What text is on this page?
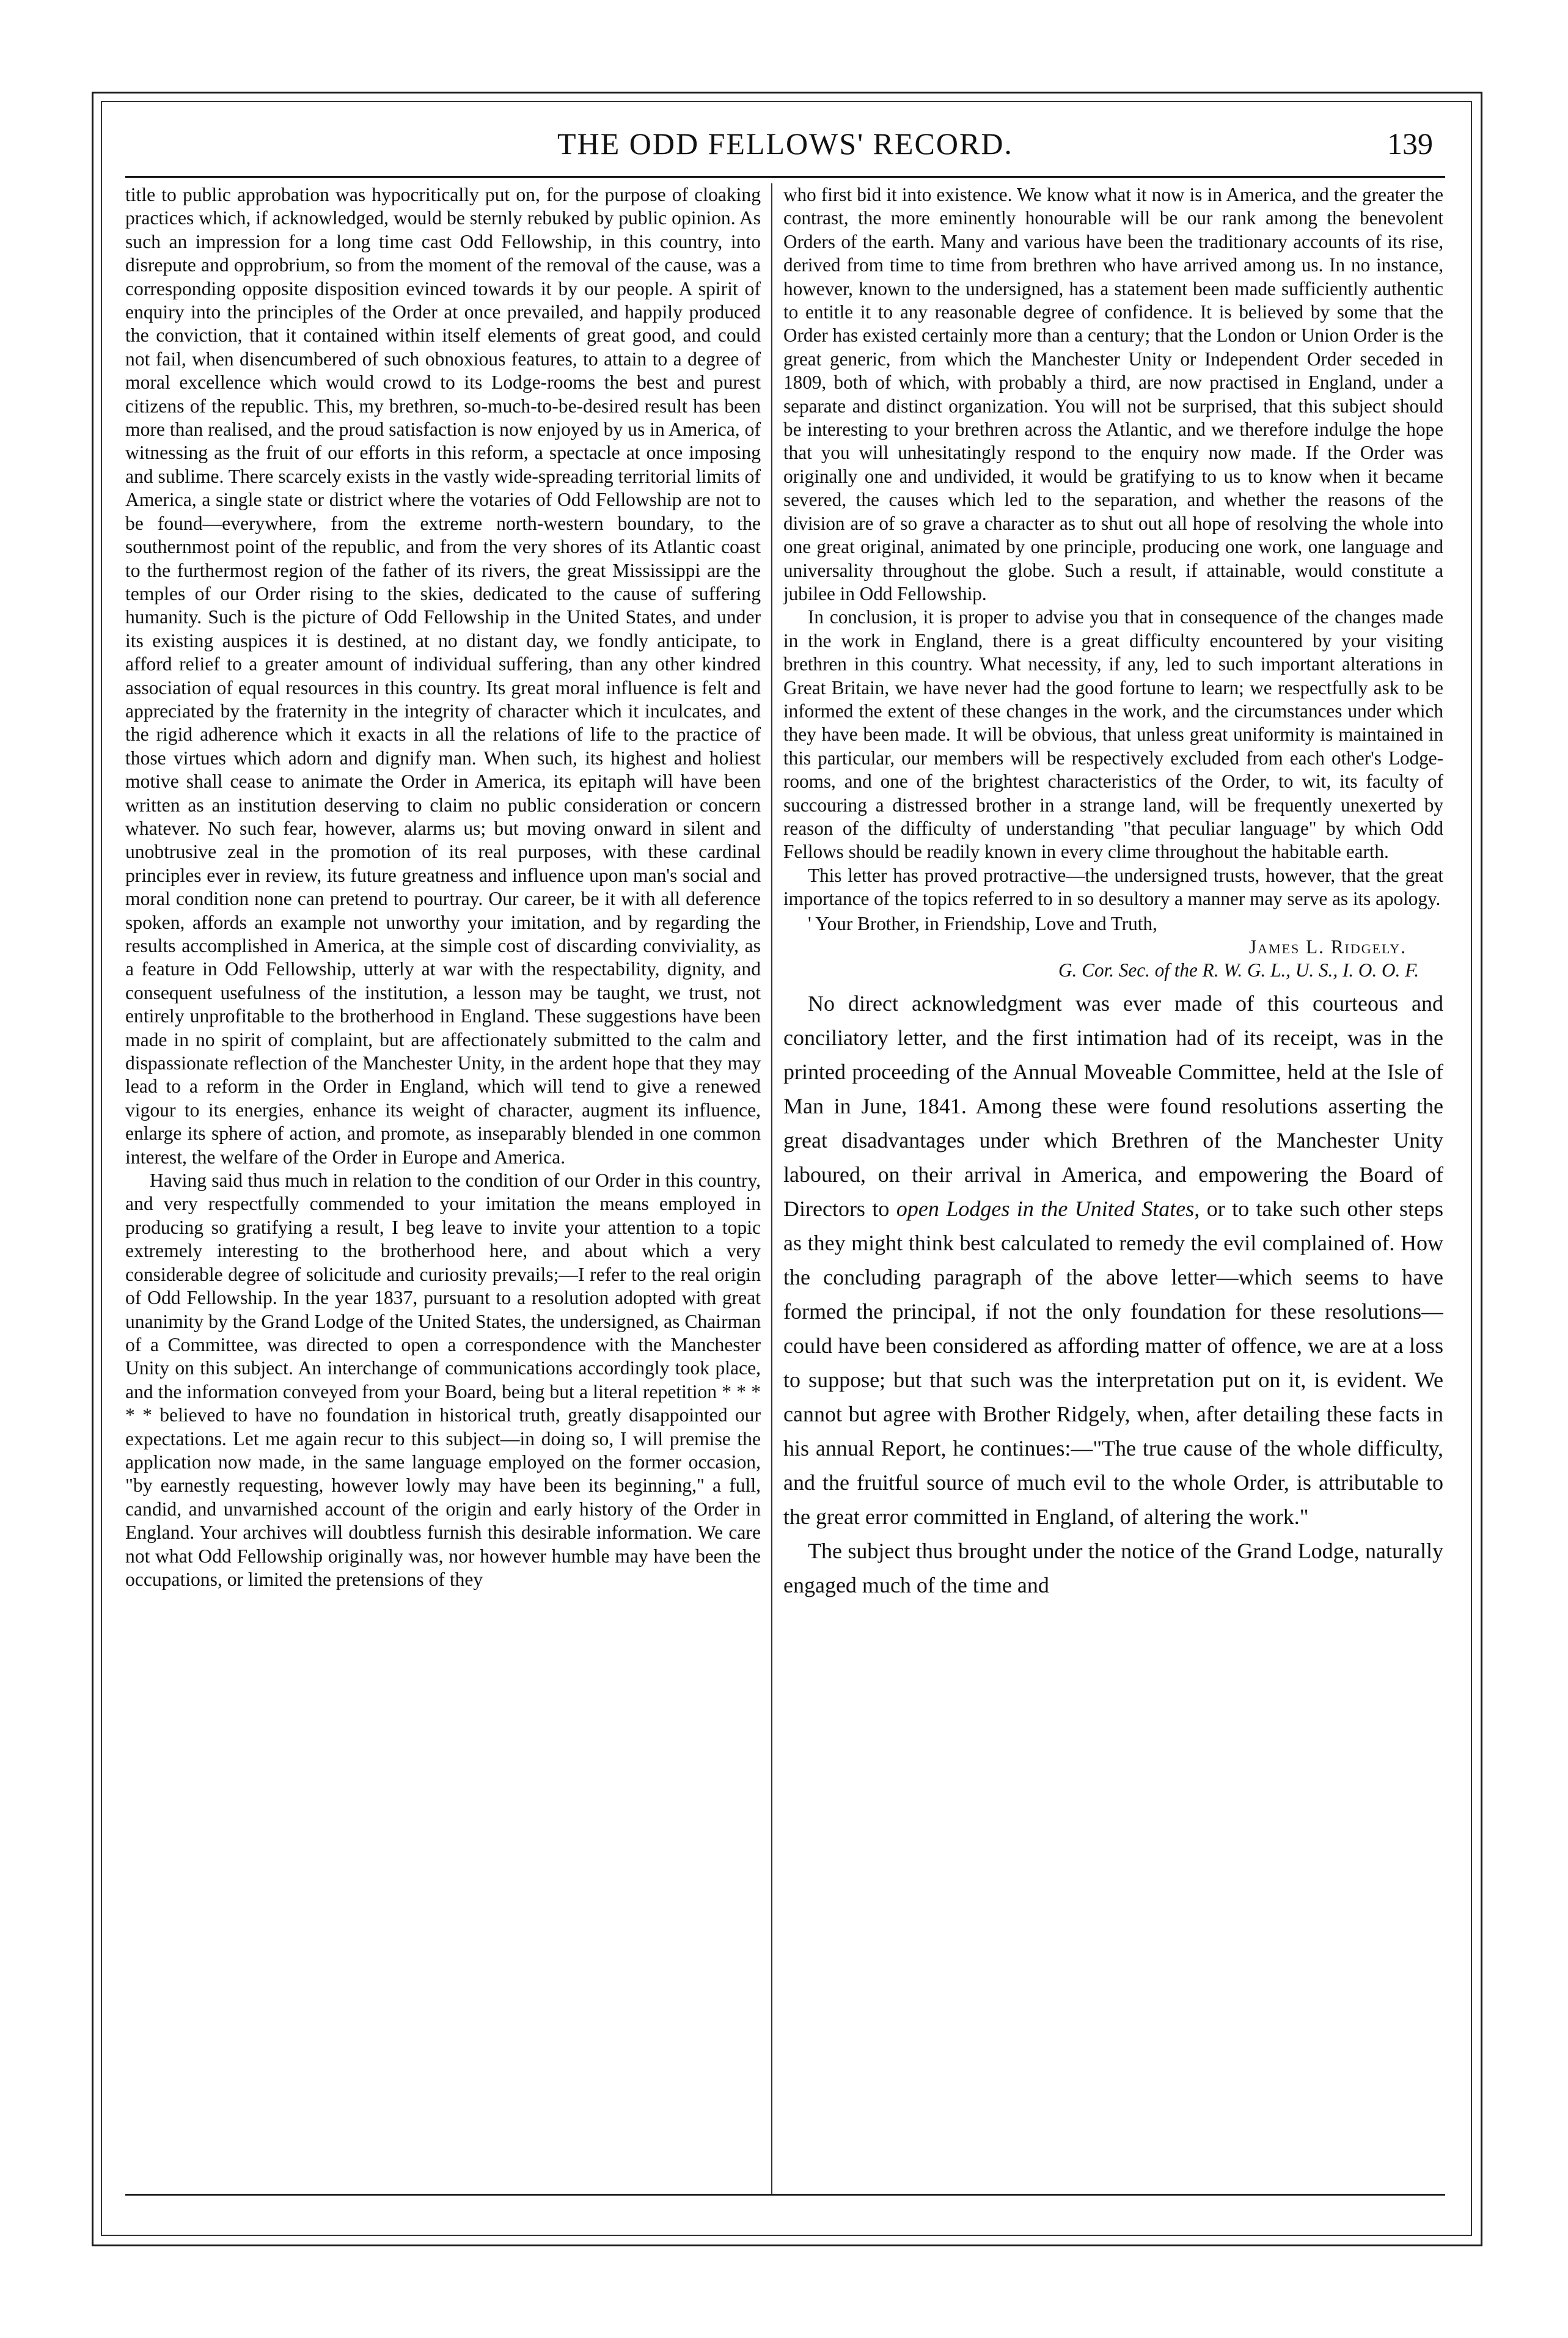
THE ODD FELLOWS' RECORD.	139

title to public approbation was hypocritically put on, for the purpose of cloaking practices which, if acknowledged, would be sternly rebuked by public opinion. As such an impression for a long time cast Odd Fellowship, in this country, into disrepute and opprobrium, so from the moment of the removal of the cause, was a corresponding opposite disposition evinced towards it by our people. A spirit of enquiry into the principles of the Order at once prevailed, and happily produced the conviction, that it contained within itself elements of great good, and could not fail, when disencumbered of such obnoxious features, to attain to a degree of moral excellence which would crowd to its Lodge-rooms the best and purest citizens of the republic. This, my brethren, so-much-to-be-desired result has been more than realised, and the proud satisfaction is now enjoyed by us in America, of witnessing as the fruit of our efforts in this reform, a spectacle at once imposing and sublime. There scarcely exists in the vastly wide-spreading territorial limits of America, a single state or district where the votaries of Odd Fellowship are not to be found—everywhere, from the extreme north-western boundary, to the southernmost point of the republic, and from the very shores of its Atlantic coast to the furthermost region of the father of its rivers, the great Mississippi are the temples of our Order rising to the skies, dedicated to the cause of suffering humanity. Such is the picture of Odd Fellowship in the United States, and under its existing auspices it is destined, at no distant day, we fondly anticipate, to afford relief to a greater amount of individual suffering, than any other kindred association of equal resources in this country. Its great moral influence is felt and appreciated by the fraternity in the integrity of character which it inculcates, and the rigid adherence which it exacts in all the relations of life to the practice of those virtues which adorn and dignify man. When such, its highest and holiest motive shall cease to animate the Order in America, its epitaph will have been written as an institution deserving to claim no public consideration or concern whatever. No such fear, however, alarms us; but moving onward in silent and unobtrusive zeal in the promotion of its real purposes, with these cardinal principles ever in review, its future greatness and influence upon man's social and moral condition none can pretend to pourtray. Our career, be it with all deference spoken, affords an example not unworthy your imitation, and by regarding the results accomplished in America, at the simple cost of discarding conviviality, as a feature in Odd Fellowship, utterly at war with the respectability, dignity, and consequent usefulness of the institution, a lesson may be taught, we trust, not entirely unprofitable to the brotherhood in England. These suggestions have been made in no spirit of complaint, but are affectionately submitted to the calm and dispassionate reflection of the Manchester Unity, in the ardent hope that they may lead to a reform in the Order in England, which will tend to give a renewed vigour to its energies, enhance its weight of character, augment its influence, enlarge its sphere of action, and promote, as inseparably blended in one common interest, the welfare of the Order in Europe and America.

Having said thus much in relation to the condition of our Order in this country, and very respectfully commended to your imitation the means employed in producing so gratifying a result, I beg leave to invite your attention to a topic extremely interesting to the brotherhood here, and about which a very considerable degree of solicitude and curiosity prevails;—I refer to the real origin of Odd Fellowship. In the year 1837, pursuant to a resolution adopted with great unanimity by the Grand Lodge of the United States, the undersigned, as Chairman of a Committee, was directed to open a correspondence with the Manchester Unity on this subject. An interchange of communications accordingly took place, and the information conveyed from your Board, being but a literal repetition * * * * * believed to have no foundation in historical truth, greatly disappointed our expectations. Let me again recur to this subject—in doing so, I will premise the application now made, in the same language employed on the former occasion, "by earnestly requesting, however lowly may have been its beginning," a full, candid, and unvarnished account of the origin and early history of the Order in England. Your archives will doubtless furnish this desirable information. We care not what Odd Fellowship originally was, nor however humble may have been the occupations, or limited the pretensions of they

who first bid it into existence. We know what it now is in America, and the greater the contrast, the more eminently honourable will be our rank among the benevolent Orders of the earth. Many and various have been the traditionary accounts of its rise, derived from time to time from brethren who have arrived among us. In no instance, however, known to the undersigned, has a statement been made sufficiently authentic to entitle it to any reasonable degree of confidence. It is believed by some that the Order has existed certainly more than a century; that the London or Union Order is the great generic, from which the Manchester Unity or Independent Order seceded in 1809, both of which, with probably a third, are now practised in England, under a separate and distinct organization. You will not be surprised, that this subject should be interesting to your brethren across the Atlantic, and we therefore indulge the hope that you will unhesitatingly respond to the enquiry now made. If the Order was originally one and undivided, it would be gratifying to us to know when it became severed, the causes which led to the separation, and whether the reasons of the division are of so grave a character as to shut out all hope of resolving the whole into one great original, animated by one principle, producing one work, one language and universality throughout the globe. Such a result, if attainable, would constitute a jubilee in Odd Fellowship.

In conclusion, it is proper to advise you that in consequence of the changes made in the work in England, there is a great difficulty encountered by your visiting brethren in this country. What necessity, if any, led to such important alterations in Great Britain, we have never had the good fortune to learn; we respectfully ask to be informed the extent of these changes in the work, and the circumstances under which they have been made. It will be obvious, that unless great uniformity is maintained in this particular, our members will be respectively excluded from each other's Lodge-rooms, and one of the brightest characteristics of the Order, to wit, its faculty of succouring a distressed brother in a strange land, will be frequently unexerted by reason of the difficulty of understanding "that peculiar language" by which Odd Fellows should be readily known in every clime throughout the habitable earth.

This letter has proved protractive—the undersigned trusts, however, that the great importance of the topics referred to in so desultory a manner may serve as its apology.

' Your Brother, in Friendship, Love and Truth,

James L. Ridgely.

G. Cor. Sec. of the R. W. G. L., U. S., I. O. O. F.

No direct acknowledgment was ever made of this courteous and conciliatory letter, and the first intimation had of its receipt, was in the printed proceeding of the Annual Moveable Committee, held at the Isle of Man in June, 1841. Among these were found resolutions asserting the great disadvantages under which Brethren of the Manchester Unity laboured, on their arrival in America, and empowering the Board of Directors to open Lodges in the United States, or to take such other steps as they might think best calculated to remedy the evil complained of. How the concluding paragraph of the above letter—which seems to have formed the principal, if not the only foundation for these resolutions—could have been considered as affording matter of offence, we are at a loss to suppose; but that such was the interpretation put on it, is evident. We cannot but agree with Brother Ridgely, when, after detailing these facts in his annual Report, he continues:—"The true cause of the whole difficulty, and the fruitful source of much evil to the whole Order, is attributable to the great error committed in England, of altering the work."

The subject thus brought under the notice of the Grand Lodge, naturally engaged much of the time and
